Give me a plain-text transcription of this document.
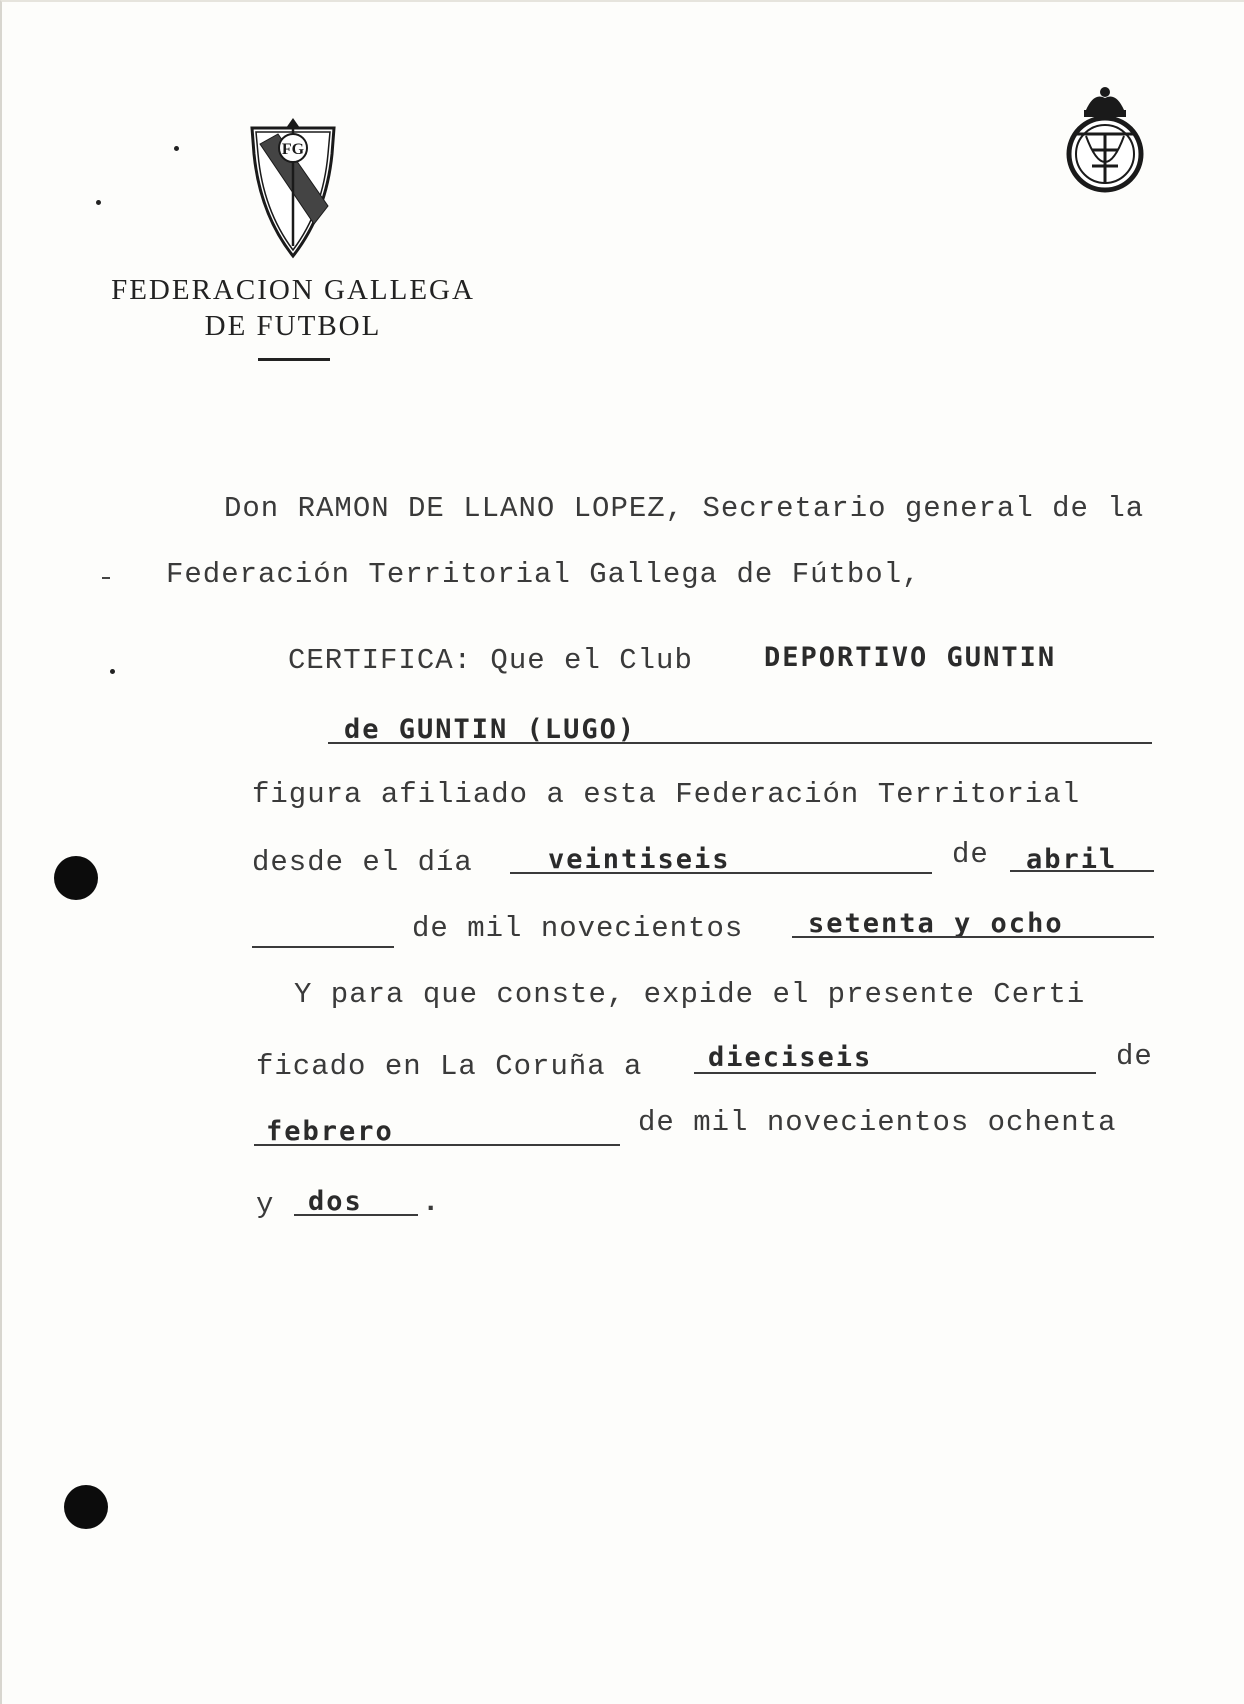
FG
FEDERACION GALLEGA
DE FUTBOL
Don RAMON DE LLANO LOPEZ, Secretario general de la
Federación Territorial Gallega de Fútbol,
CERTIFICA: Que el Club	DEPORTIVO GUNTIN
de GUNTIN (LUGO)
figura afiliado a esta Federación Territorial
desde el día	veintiseis	de abril
de mil novecientos setenta y ocho
Y para que conste, expide el presente Certi
ficado en La Coruña a dieciseis	de
febrero	de mil novecientos ochenta
y dos .
